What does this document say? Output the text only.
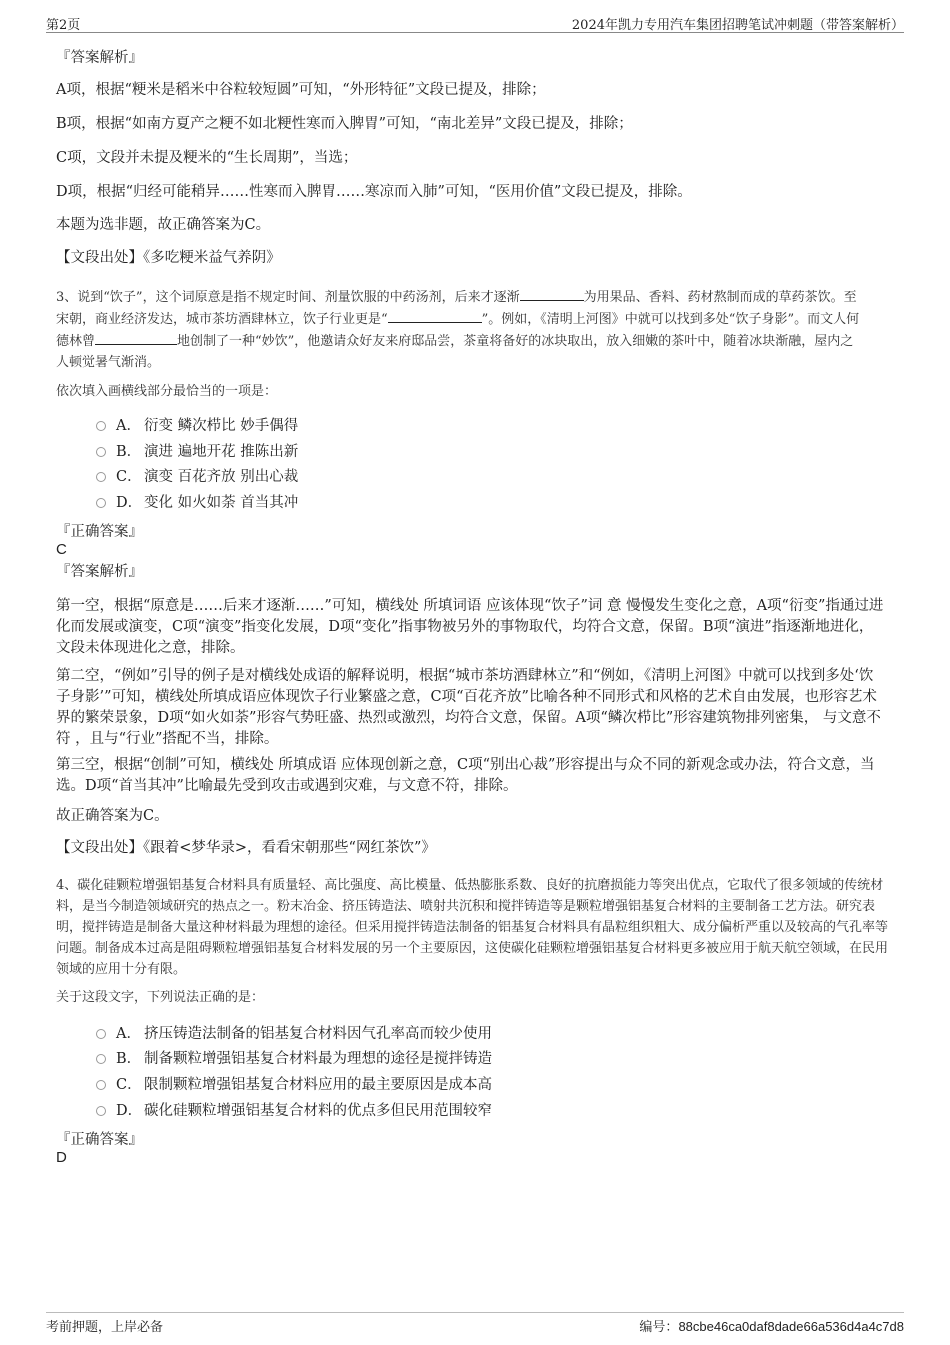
第2页	2024年凯力专用汽车集团招聘笔试冲刺题（带答案解析）
『答案解析』
A项，根据“粳米是稻米中谷粒较短圆”可知，“外形特征”文段已提及，排除；
B项，根据“如南方夏产之粳不如北粳性寒而入脾胃”可知，“南北差异”文段已提及，排除；
C项，文段并未提及粳米的“生长周期”，当选；
D项，根据“归经可能稍异……性寒而入脾胃……寒凉而入肺”可知，“医用价值”文段已提及，排除。
本题为选非题，故正确答案为C。
【文段出处】《多吃粳米益气养阴》
3、说到“饮子”，这个词原意是指不规定时间、剂量饮服的中药汤剂，后来才逐渐	为用果品、香料、药材熬制而成的草药茶饮。至
宋朝，商业经济发达，城市茶坊酒肆林立，饮子行业更是“	”。例如，《清明上河图》中就可以找到多处“饮子身影”。而文人何
德林曾	地创制了一种“妙饮”，他邀请众好友来府邸品尝，茶童将备好的冰块取出，放入细嫩的茶叶中，随着冰块渐融，屋内之
人顿觉暑气渐消。
依次填入画横线部分最恰当的一项是：
A． 衍变 鳞次栉比 妙手偶得
B． 演进 遍地开花 推陈出新
C． 演变 百花齐放 别出心裁
D． 变化 如火如荼 首当其冲
『正确答案』
C
『答案解析』
第一空，根据“原意是……后来才逐渐……”可知，横线处 所填词语 应该体现“饮子”词 意 慢慢发生变化之意，A项“衍变”指通过进化而发展或演变，C项“演变”指变化发展，D项“变化”指事物被另外的事物取代，均符合文意，保留。B项“演进”指逐渐地进化，文段未体现进化之意，排除。
第二空，“例如”引导的例子是对横线处成语的解释说明，根据“城市茶坊酒肆林立”和“例如，《清明上河图》中就可以找到多处‘饮子身影’”可知，横线处所填成语应体现饮子行业繁盛之意，C项“百花齐放”比喻各种不同形式和风格的艺术自由发展，也形容艺术界的繁荣景象，D项“如火如荼”形容气势旺盛、热烈或激烈，均符合文意，保留。A项“鳞次栉比”形容建筑物排列密集， 与文意不符 ，且与“行业”搭配不当，排除。
第三空，根据“创制”可知，横线处 所填成语 应体现创新之意，C项“别出心裁”形容提出与众不同的新观念或办法，符合文意，当选。D项“首当其冲”比喻最先受到攻击或遇到灾难，与文意不符，排除。
故正确答案为C。
【文段出处】《跟着<梦华录>，看看宋朝那些“网红茶饮”》
4、碳化硅颗粒增强铝基复合材料具有质量轻、高比强度、高比模量、低热膨胀系数、良好的抗磨损能力等突出优点，它取代了很多领域的传统材料，是当今制造领域研究的热点之一。粉末冶金、挤压铸造法、喷射共沉积和搅拌铸造等是颗粒增强铝基复合材料的主要制备工艺方法。研究表明，搅拌铸造是制备大量这种材料最为理想的途径。但采用搅拌铸造法制备的铝基复合材料具有晶粒组织粗大、成分偏析严重以及较高的气孔率等问题。制备成本过高是阻碍颗粒增强铝基复合材料发展的另一个主要原因，这使碳化硅颗粒增强铝基复合材料更多被应用于航天航空领域，在民用领域的应用十分有限。
关于这段文字，下列说法正确的是：
A． 挤压铸造法制备的铝基复合材料因气孔率高而较少使用
B． 制备颗粒增强铝基复合材料最为理想的途径是搅拌铸造
C． 限制颗粒增强铝基复合材料应用的最主要原因是成本高
D． 碳化硅颗粒增强铝基复合材料的优点多但民用范围较窄
『正确答案』
D
考前押题，上岸必备	编号：88cbe46ca0daf8dade66a536d4a4c7d8
